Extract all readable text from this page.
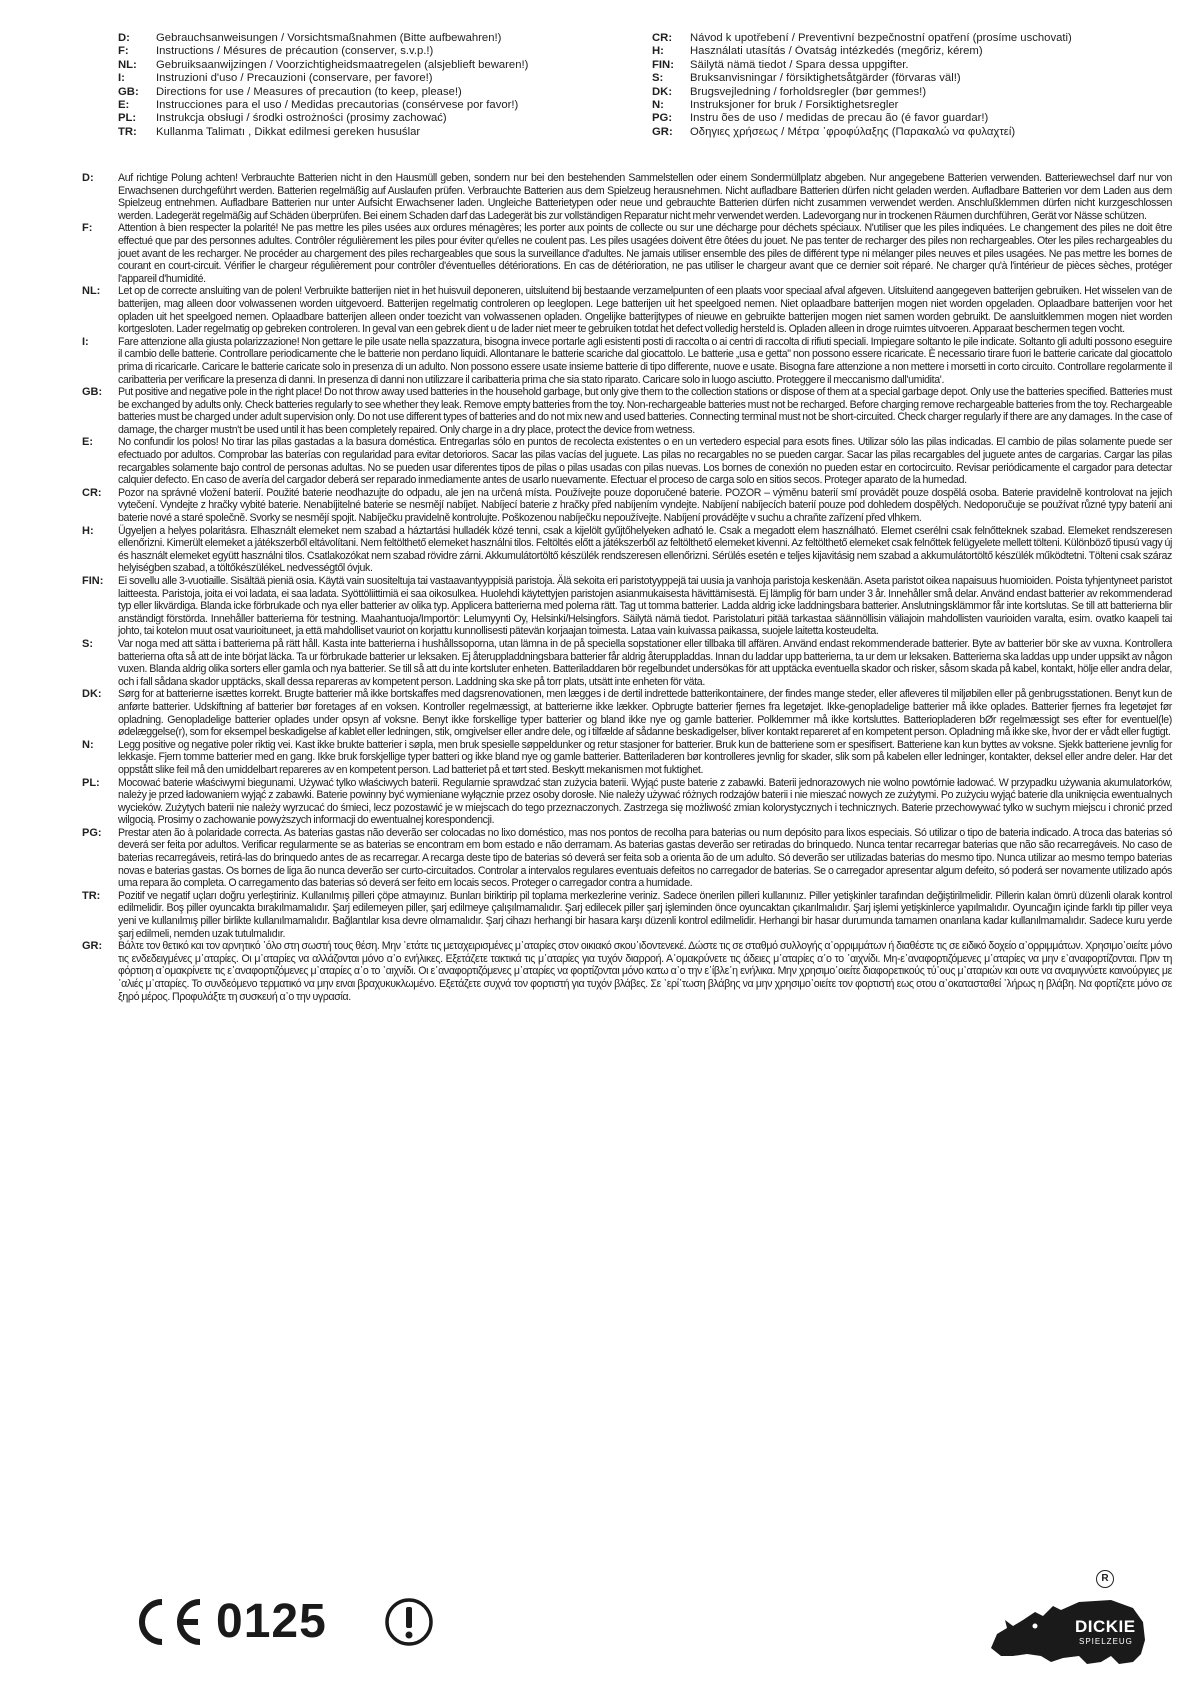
D:	Gebrauchsanweisungen / Vorsichtsmaßnahmen (Bitte aufbewahren!)
F:	Instructions / Mésures de précaution (conserver, s.v.p.!)
NL:	Gebruiksaanwijzingen / Voorzichtigheidsmaatregelen (alsjeblieft bewaren!)
I:	Instruzioni d'uso / Precauzioni (conservare, per favore!)
GB:	Directions for use / Measures of precaution (to keep, please!)
E:	Instrucciones para el uso / Medidas precautorias (consérvese por favor!)
PL:	Instrukcja obsługi / środki ostrożności (prosimy zachować)
TR:	Kullanma Talimatı , Dikkat edilmesi gereken husuślar
CR:	Návod k upotřebení / Preventivní bezpečnostní opatření (prosíme uschovati)
H:	Használati utasítás / Óvatság intézkedés (megőriz, kérem)
FIN:	Säilytä nämä tiedot / Spara dessa uppgifter.
S:	Bruksanvisningar / försiktighetsåtgärder (förvaras väl!)
DK:	Brugsvejledning / forholdsregler (bør gemmes!)
N:	Instruksjoner for bruk / Forsiktighetsregler
PG:	Instru ões de uso / medidas de precau ão (é favor guardar!)
GR:	Οδηγιες χρήσεως / Μέτρα ᾽φροφύλαξης (Παρακαλώ να φυλαχτεί)
D:	Auf richtige Polung achten! Verbrauchte Batterien nicht in den Hausmüll geben, sondern nur bei den bestehenden Sammelstellen oder einem Sondermüllplatz abgeben. Nur angegebene Batterien verwenden. Batteriewechsel darf nur von Erwachsenen durchgeführt werden. Batterien regelmäßig auf Auslaufen prüfen. Verbrauchte Batterien aus dem Spielzeug herausnehmen. Nicht aufladbare Batterien dürfen nicht geladen werden. Aufladbare Batterien vor dem Laden aus dem Spielzeug entnehmen. Aufladbare Batterien nur unter Aufsicht Erwachsener laden. Ungleiche Batterietypen oder neue und gebrauchte Batterien dürfen nicht zusammen verwendet werden. Anschlußklemmen dürfen nicht kurzgeschlossen werden. Ladegerät regelmäßig auf Schäden überprüfen. Bei einem Schaden darf das Ladegerät bis zur vollständigen Reparatur nicht mehr verwendet werden. Ladevorgang nur in trockenen Räumen durchführen, Gerät vor Nässe schützen.
F:	Attention à bien respecter la polarité! Ne pas mettre les piles usées aux ordures ménagères; les porter aux points de collecte ou sur une décharge pour déchets spéciaux. N'utiliser que les piles indiquées. Le changement des piles ne doit être effectué que par des personnes adultes. Contrôler régulièrement les piles pour éviter qu'elles ne coulent pas. Les piles usagées doivent être ôtées du jouet. Ne pas tenter de recharger des piles non rechargeables. Oter les piles rechargeables du jouet avant de les recharger. Ne procéder au chargement des piles rechargeables que sous la surveillance d'adultes. Ne jamais utiliser ensemble des piles de différent type ni mélanger piles neuves et piles usagées. Ne pas mettre les bornes de courant en court-circuit. Vérifier le chargeur régulièrement pour contrôler d'éventuelles détériorations. En cas de détérioration, ne pas utiliser le chargeur avant que ce dernier soit réparé. Ne charger qu'à l'intérieur de pièces sèches, protéger l'appareil d'humidité.
NL:	Let op de correcte ansluiting van de polen! Verbruikte batterijen niet in het huisvuil deponeren, uitsluitend bij bestaande verzamelpunten of een plaats voor speciaal afval afgeven. Uitsluitend aangegeven batterijen gebruiken. Het wisselen van de batterijen, mag alleen door volwassenen worden uitgevoerd. Batterijen regelmatig controleren op leeglopen. Lege batterijen uit het speelgoed nemen. Niet oplaadbare batterijen mogen niet worden opgeladen. Oplaadbare batterijen voor het opladen uit het speelgoed nemen. Oplaadbare batterijen alleen onder toezicht van volwassenen opladen. Ongelijke batterijtypes of nieuwe en gebruikte batterijen mogen niet samen worden gebruikt. De aansluitklemmen mogen niet worden kortgesloten. Lader regelmatig op gebreken controleren. In geval van een gebrek dient u de lader niet meer te gebruiken totdat het defect volledig hersteld is. Opladen alleen in droge ruimtes uitvoeren. Apparaat beschermen tegen vocht.
I:	Fare attenzione alla giusta polarizzazione! Non gettare le pile usate nella spazzatura, bisogna invece portarle agli esistenti posti di raccolta o ai centri di raccolta di rifiuti speciali. Impiegare soltanto le pile indicate. Soltanto gli adulti possono eseguire il cambio delle batterie. Controllare periodicamente che le batterie non perdano liquidi. Allontanare le batterie scariche dal giocattolo. Le batterie „usa e getta" non possono essere ricaricate. È necessario tirare fuori le batterie caricate dal giocattolo prima di ricaricarle. Caricare le batterie caricate solo in presenza di un adulto. Non possono essere usate insieme batterie di tipo differente, nuove e usate. Bisogna fare attenzione a non mettere i morsetti in corto circuito. Controllare regolarmente il caribatteria per verificare la presenza di danni. In presenza di danni non utilizzare il caribatteria prima che sia stato riparato. Caricare solo in luogo asciutto. Proteggere il meccanismo dall'umidita'.
GB:	Put positive and negative pole in the right place! Do not throw away used batteries in the household garbage, but only give them to the collection stations or dispose of them at a special garbage depot. Only use the batteries specified. Batteries must be exchanged by adults only. Check batteries regularly to see whether they leak. Remove empty batteries from the toy. Non-rechargeable batteries must not be recharged. Before charging remove rechargeable batteries from the toy. Rechargeable batteries must be charged under adult supervision only. Do not use different types of batteries and do not mix new and used batteries. Connecting terminal must not be short-circuited. Check charger regularly if there are any damages. In the case of damage, the charger mustn't be used until it has been completely repaired. Only charge in a dry place, protect the device from wetness.
E:	No confundir los polos! No tirar las pilas gastadas a la basura doméstica. Entregarlas sólo en puntos de recolecta existentes o en un vertedero especial para esots fines. Utilizar sólo las pilas indicadas. El cambio de pilas solamente puede ser efectuado por adultos. Comprobar las baterías con regularidad para evitar detorioros. Sacar las pilas vacías del juguete. Las pilas no recargables no se pueden cargar. Sacar las pilas recargables del juguete antes de cargarias. Cargar las pilas recargables solamente bajo control de personas adultas. No se pueden usar diferentes tipos de pilas o pilas usadas con pilas nuevas. Los bornes de conexión no pueden estar en cortocircuito. Revisar periódicamente el cargador para detectar calquier defecto. En caso de avería del cargador deberá ser reparado inmediamente antes de usarlo nuevamente. Efectuar el proceso de carga solo en sitios secos. Proteger aparato de la humedad.
CR:	Pozor na správné vložení baterií. Použité baterie neodhazujte do odpadu, ale jen na určená místa. Používejte pouze doporučené baterie. POZOR – výměnu baterií smí provádět pouze dospělá osoba. Baterie pravidelně kontrolovat na jejich vytečení. Vyndejte z hračky vybité baterie. Nenabíjitelné baterie se nesmějí nabíjet. Nabíjecí baterie z hračky před nabíjením vyndejte. Nabíjení nabíjecích baterií pouze pod dohledem dospělých. Nedoporučuje se používat různé typy baterií ani baterie nové a staré společně. Svorky se nesmějí spojit. Nabíječku pravidelně kontrolujte. Poškozenou nabíječku nepoužívejte. Nabíjení provádějte v suchu a chraňte zařízení před vlhkem.
H:	Ügyeljen a helyes polaritásra. Elhasznált elemeket nem szabad a háztartási hulladék közé tenni, csak a kijelölt gyűjtőhelyeken adható le. Csak a megadott elem használható. Elemet cserélni csak felnőtteknek szabad. Elemeket rendszeresen ellenőrizni. Kimerült elemeket a játékszerből eltávolítani. Nem feltölthető elemeket használni tilos. Feltöltés előtt a játékszerből az feltölthető elemeket kivenni. Az feltölthető elemeket csak felnőttek felügyelete mellett tölteni. Különböző tipusú vagy új és használt elemeket együtt használni tilos. Csatlakozókat nem szabad rövidre zárni. Akkumulátortöltő készülék rendszeresen ellenőrizni. Sérülés esetén e teljes kijavitásig nem szabad a akkumulátortöltő készülék működtetni. Tölteni csak száraz helyiségben szabad, a töltőkészülékeL nedvességtől óvjuk.
FIN:	Ei sovellu alle 3-vuotiaille. Sisältää pieniä osia. Käytä vain suositeltuja tai vastaavantyyppisiä paristoja. Älä sekoita eri paristotyyppejä tai uusia ja vanhoja paristoja keskenään. Aseta paristot oikea napaisuus huomioiden. Poista tyhjentyneet paristot laitteesta. Paristoja, joita ei voi ladata, ei saa ladata. Syöttöliittimiä ei saa oikosulkea. Huolehdi käytettyjen paristojen asianmukaisesta hävittämisestä. Ej lämplig för barn under 3 år. Innehåller små delar. Använd endast batterier av rekommenderad typ eller likvärdiga. Blanda icke förbrukade och nya eller batterier av olika typ. Applicera batterierna med polerna rätt. Tag ut tomma batterier. Ladda aldrig icke laddningsbara batterier. Anslutningsklämmor får inte kortslutas. Se till att batterierna blir anständigt förstörda. Innehåller batterierna för testning. Maahantuoja/Importör: Lelumyynti Oy, Helsinki/Helsingfors. Säilytä nämä tiedot. Paristolaturi pitää tarkastaa säännöllisin väliajoin mahdollisten vaurioiden varalta, esim. ovatko kaapeli tai johto, tai kotelon muut osat vaurioituneet, ja että mahdolliset vauriot on korjattu kunnollisesti pätevän korjaajan toimesta. Lataa vain kuivassa paikassa, suojele laitetta kosteudelta.
S:	Var noga med att sätta i batterierna på rätt håll. Kasta inte batterierna i hushållssoporna, utan lämna in de på speciella sopstationer eller tillbaka till affären. Använd endast rekommenderade batterier. Byte av batterier bör ske av vuxna. Kontrollera batterierna ofta så att de inte börjat läcka. Ta ur förbrukade batterier ur leksaken. Ej återuppladdningsbara batterier får aldrig återuppladdas. Innan du laddar upp batterierna, ta ur dem ur leksaken. Batterierna ska laddas upp under uppsikt av någon vuxen. Blanda aldrig olika sorters eller gamla och nya batterier. Se till så att du inte kortsluter enheten. Batteriladdaren bör regelbundet undersökas för att upptäcka eventuella skador och risker, såsom skada på kabel, kontakt, hölje eller andra delar, och i fall sådana skador upptäcks, skall dessa repareras av kompetent person. Laddning ska ske på torr plats, utsätt inte enheten för väta.
DK:	Sørg for at batterierne isættes korrekt. Brugte batterier må ikke bortskaffes med dagsrenovationen, men lægges i de dertil indrettede batterikontainere, der findes mange steder, eller afleveres til miljøbilen eller på genbrugsstationen. Benyt kun de anførte batterier. Udskiftning af batterier bør foretages af en voksen. Kontroller regelmæssigt, at batterierne ikke lækker. Opbrugte batterier fjernes fra legetøjet. Ikke-genopladelige batterier må ikke oplades. Batterier fjernes fra legetøjet før opladning. Genopladelige batterier oplades under opsyn af voksne. Benyt ikke forskellige typer batterier og bland ikke nye og gamle batterier. Polklemmer må ikke kortsluttes. Batteriopladeren bØr regelmæssigt ses efter for eventuel(le) ødelæggelse(r), som for eksempel beskadigelse af kablet eller ledningen, stik, omgivelser eller andre dele, og i tilfælde af sådanne beskadigelser, bliver kontakt repareret af en kompetent person. Opladning må ikke ske, hvor der er vådt eller fugtigt.
N:	Legg positive og negative poler riktig vei. Kast ikke brukte batterier i søpla, men bruk spesielle søppeldunker og retur stasjoner for batterier. Bruk kun de batteriene som er spesifisert. Batteriene kan kun byttes av voksne. Sjekk batteriene jevnlig for lekkasje. Fjern tomme batterier med en gang. Ikke bruk forskjellige typer batteri og ikke bland nye og gamle batterier. Batteriladeren bør kontrolleres jevnlig for skader, slik som på kabelen eller ledninger, kontakter, deksel eller andre deler. Har det oppstått slike feil må den umiddelbart repareres av en kompetent person. Lad batteriet på et tørt sted. Beskytt mekanismen mot fuktighet.
PL:	Mocować baterie właściwymi biegunami. Używać tylko właściwych baterii. Regularnie sprawdzać stan zużycia baterii. Wyjąć puste baterie z zabawki. Baterii jednorazowych nie wolno powtórnie ładować. W przypadku używania akumulatorków, należy je przed ładowaniem wyjąć z zabawki. Baterie powinny być wymieniane wyłącznie przez osoby dorosłe. Nie należy używać różnych rodzajów baterii i nie mieszać nowych ze zużytymi. Po zużyciu wyjąć baterie dla uniknięcia ewentualnych wycieków. Zużytych baterii nie należy wyrzucać do śmieci, lecz pozostawić je w miejscach do tego przeznaczonych. Zastrzega się możliwość zmian kolorystycznych i technicznych. Baterie przechowywać tylko w suchym miejscu i chronić przed wilgocią. Prosimy o zachowanie powyższych informacji do ewentualnej korespondencji.
PG:	Prestar aten ão à polaridade correcta. As baterias gastas não deverão ser colocadas no lixo doméstico, mas nos pontos de recolha para baterias ou num depósito para lixos especiais. Só utilizar o tipo de bateria indicado. A troca das baterias só deverá ser feita por adultos. Verificar regularmente se as baterias se encontram em bom estado e não derramam. As baterias gastas deverão ser retiradas do brinquedo. Nunca tentar recarregar baterias que não são recarregáveis. No caso de baterias recarregáveis, retirá-las do brinquedo antes de as recarregar. A recarga deste tipo de baterias só deverá ser feita sob a orienta ão de um adulto. Só deverão ser utilizadas baterias do mesmo tipo. Nunca utilizar ao mesmo tempo baterias novas e baterias gastas. Os bornes de liga ão nunca deverão ser curto-circuitados. Controlar a intervalos regulares eventuais defeitos no carregador de baterias. Se o carregador apresentar algum defeito, só poderá ser novamente utilizado após uma repara ão completa. O carregamento das baterias só deverá ser feito em locais secos. Proteger o carregador contra a humidade.
TR:	Pozitif ve negatif uçları doğru yerleştiriniz. Kullanılmış pilleri çöpe atmayınız. Bunları biriktirip pil toplama merkezlerine veriniz. Sadece önerilen pilleri kullanınız. Piller yetişkinler tarafından değiştirilmelidir. Pillerin kalan ömrü düzenli olarak kontrol edilmelidir. Boş piller oyuncakta bırakılmamalıdır. Şarj edilemeyen piller, şarj edilmeye çalışılmamalıdır. Şarj edilecek piller şarj işleminden önce oyuncaktan çıkarılmalıdır. Şarj işlemi yetişkinlerce yapılmalıdır. Oyuncağın içinde farklı tip piller veya yeni ve kullanılmış piller birlikte kullanılmamalıdır. Bağlantılar kısa devre olmamalıdır. Şarj cihazı herhangi bir hasara karşı düzenli kontrol edilmelidir. Herhangi bir hasar durumunda tamamen onarılana kadar kullanılmamalıdır. Sadece kuru yerde şarj edilmeli, nemden uzak tutulmalıdır.
GR:	Βάλτε τον θετικό και τον αρνητικό ᾽όλο στη σωστή τους θέση. Μην ᾽ετάτε τις μεταχειρισμένες μ᾽αταρίες στον οικιακό σκου᾽ιδοντενεκέ. Δώστε τις σε σταθμό συλλογής α᾽ορριμμάτων ή διαθέστε τις σε ειδικό δοχείο α᾽ορριμμάτων. Χρησιμο᾽οιείτε μόνο τις ενδεδειγμένες μ᾽αταρίες. Οι μ᾽αταρίες να αλλάζονται μόνο α᾽ο ενήλικες. Εξετάζετε τακτικά τις μ᾽αταρίες για τυχόν διαρροή. Α᾽ομακρύνετε τις άδειες μ᾽αταρίες α᾽ο το ᾽αιχνίδι. Μη-ε᾽αναφορτιζόμενες μ᾽αταρίες να μην ε᾽αναφορτίζονται. Πριν τη φόρτιση α᾽ομακρίνετε τις ε᾽αναφορτιζόμενες μ᾽αταρίες α᾽ο το ᾽αιχνίδι. Οι ε᾽αναφορτιζόμενες μ᾽αταρίες να φορτίζονται μόνο κατω α᾽ο την ε᾽ίβλε᾽η ενήλικα. Μην χρησιμο᾽οιείτε διαφορετικούς τύ᾽ους μ᾽αταριών και ουτε να αναμιγνύετε καινούργιες με ᾽αλιές μ᾽αταρίες. Το συνδεόμενο τερματικό να μην ειναι βραχυκυκλωμένο. Εξετάζετε συχνά τον φορτιστή για τυχόν βλάβες. Σε ᾽ερί᾽τωση βλάβης να μην χρησιμο᾽οιείτε τον φορτιστή εως οτου α᾽οκατασταθεί ᾽λήρως η βλάβη. Να φορτίζετε μόνο σε ξηρό μέρος. Προφυλάξτε τη συσκευή α᾽ο την υγρασία.
0125	DICKIE
SPIELZEUG
R
